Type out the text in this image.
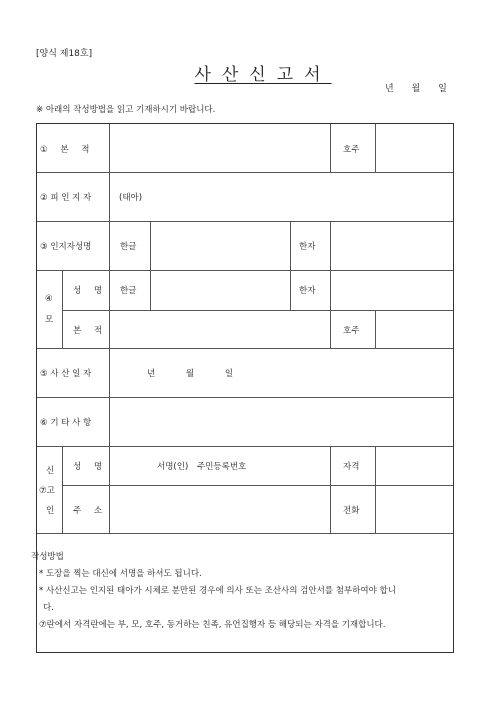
[양식 제18호]
사산신고서
년 월 일
※ 아래의 작성방법을 읽고 기재하시기 바랍니다.
① 본 적	호주
② 피 인 지 자	(태아)
③ 인지자성명	한글	한자
④
모
성 명 한글	한자
본 적	호주
⑤ 사 산 일 자	년 월 일
⑥ 기 타 사 항
신
⑦고
인
성 명	서명(인) 주민등록번호	자격
주 소	전화
작성방법
* 도장을 찍는 대신에 서명을 하셔도 됩니다.
* 사산신고는 인지된 태아가 시체로 분만된 경우에 의사 또는 조산사의 검안서를 첨부하여야 합니
다.
⑦란에서 자격란에는 부, 모, 호주, 동거하는 친족, 유언집행자 등 해당되는 자격을 기재합니다.
